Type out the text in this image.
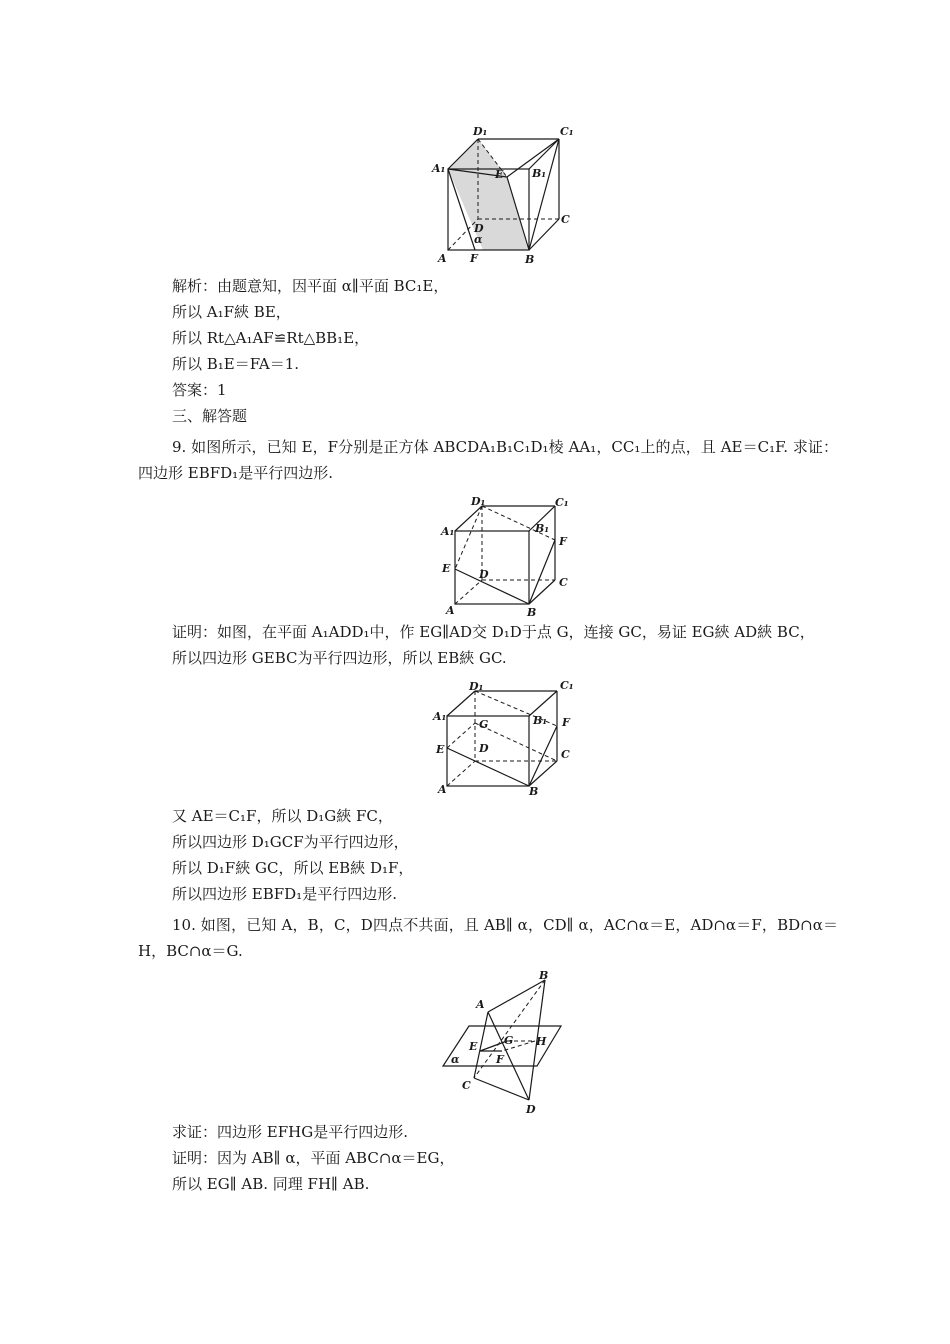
D₁	C₁
A₁	E	B₁
C
D
α
A F	B
解析：由题意知，因平面 α∥平面 BC₁E，
所以 A₁F綊 BE，
所以 Rt△A₁AF≌Rt△BB₁E，
所以 B₁E＝FA＝1.
答案：1
三、解答题
9. 如图所示，已知 E，F分别是正方体 ABCDA₁B₁C₁D₁棱 AA₁，CC₁上的点，且 AE＝C₁F. 求证：四边形 EBFD₁是平行四边形.
D₁	C₁
A₁	B₁
F
E	D
C
A	B
证明：如图，在平面 A₁ADD₁中，作 EG∥AD交 D₁D于点 G，连接 GC，易证 EG綊 AD綊 BC，
所以四边形 GEBC为平行四边形，所以 EB綊 GC.
D₁	C₁
A₁
G	B₁ F
E	D	C
A	B
又 AE＝C₁F，所以 D₁G綊 FC，
所以四边形 D₁GCF为平行四边形，
所以 D₁F綊 GC，所以 EB綊 D₁F，
所以四边形 EBFD₁是平行四边形.
10. 如图，已知 A，B，C，D四点不共面，且 AB∥ α，CD∥ α，AC∩α＝E，AD∩α＝F，BD∩α＝H，BC∩α＝G.
B
A
G H
E
F
α
C
D
求证：四边形 EFHG是平行四边形.
证明：因为 AB∥ α，平面 ABC∩α＝EG，
所以 EG∥ AB. 同理 FH∥ AB.
